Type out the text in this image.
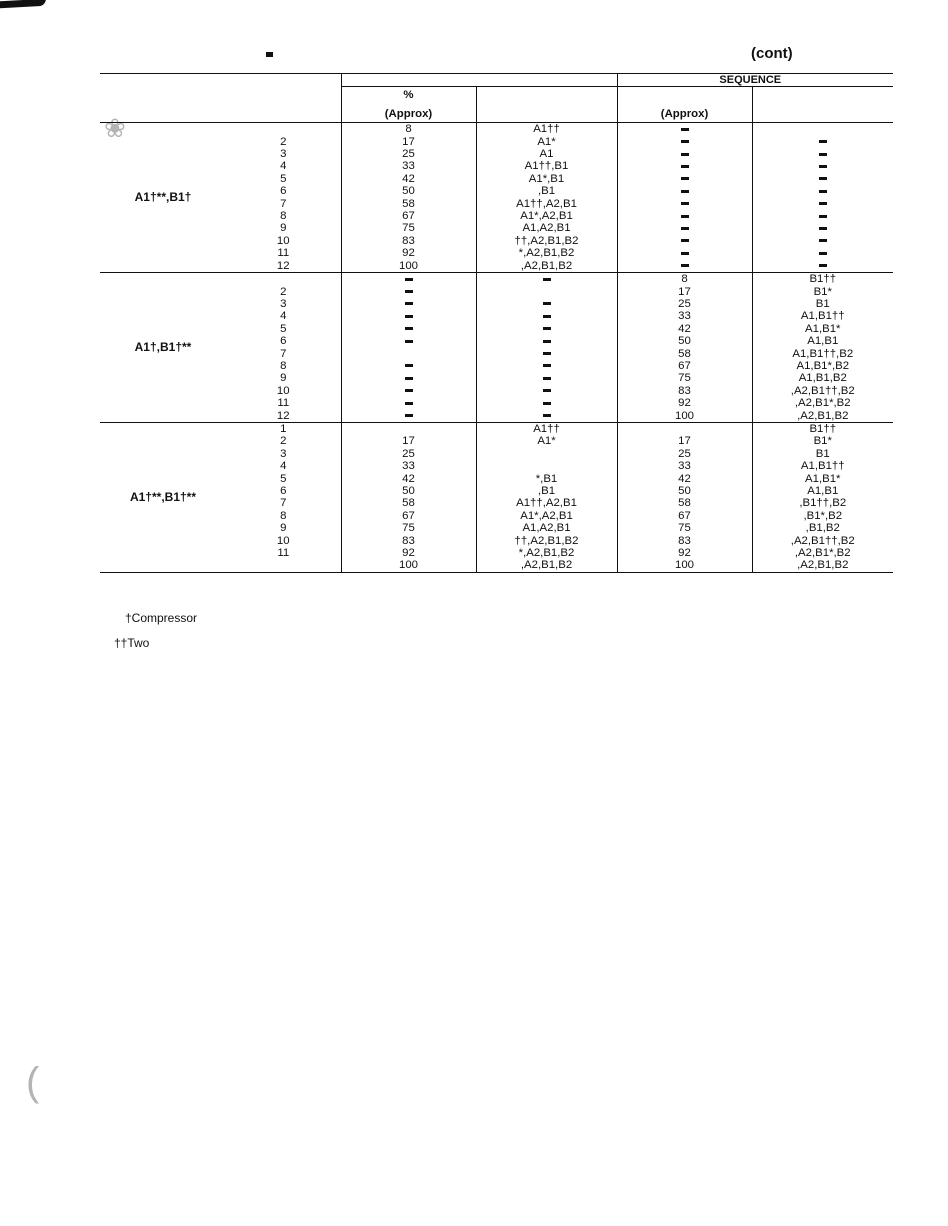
❀
(
(cont)
				SEQUENCE	
		%			
		(Approx)		(Approx)	
A1†**,B1†		8	A1††		
	2	17	A1*		
	3	25	A1		
	4	33	A1††,B1		
	5	42	A1*,B1		
	6	50	,B1		
	7	58	A1††,A2,B1		
	8	67	A1*,A2,B1		
	9	75	A1,A2,B1		
	10	83	††,A2,B1,B2		
	11	92	*,A2,B1,B2		
	12	100	,A2,B1,B2		
A1†,B1†**				8	B1††
	2			17	B1*
	3			25	B1
	4			33	A1,B1††
	5			42	A1,B1*
	6			50	A1,B1
	7			58	A1,B1††,B2
	8			67	A1,B1*,B2
	9			75	A1,B1,B2
	10			83	,A2,B1††,B2
	11			92	,A2,B1*,B2
	12			100	,A2,B1,B2
A1†**,B1†**	1		A1††		B1††
	2	17	A1*	17	B1*
	3	25		25	B1
	4	33		33	A1,B1††
	5	42	*,B1	42	A1,B1*
	6	50	,B1	50	A1,B1
	7	58	A1††,A2,B1	58	,B1††,B2
	8	67	A1*,A2,B1	67	,B1*,B2
	9	75	A1,A2,B1	75	,B1,B2
	10	83	††,A2,B1,B2	83	,A2,B1††,B2
	11	92	*,A2,B1,B2	92	,A2,B1*,B2
		100	,A2,B1,B2	100	,A2,B1,B2

†Compressor
††Two
